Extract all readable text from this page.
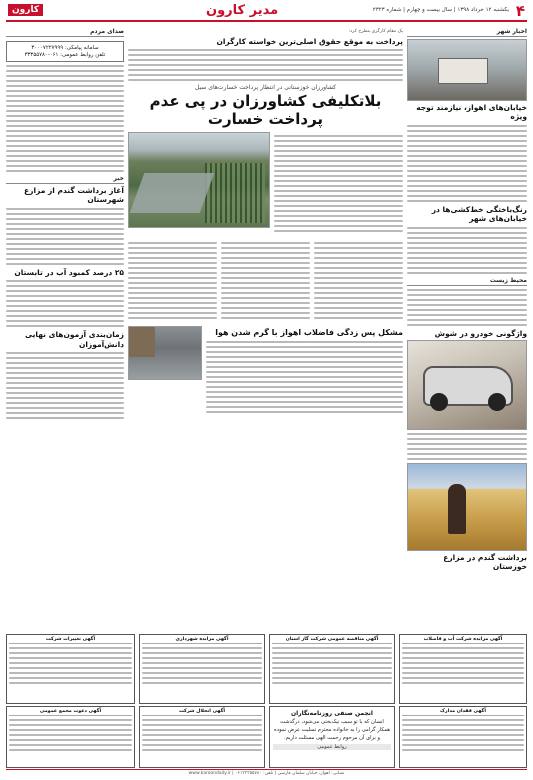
۴
یکشنبه ۱۲ خرداد ۱۳۹۸ | سال بیست و چهارم | شماره ۲۳۲۳
مدیر کارون
کارون
اخبار شهر
خیابان‌های اهواز، نیازمند توجه ویژه
رنگ‌باختگی خط‌کشی‌ها در خیابان‌های شهر
محیط زیست
واژگونی خودرو در شوش
برداشت گندم در مزارع خوزستان
یک مقام کارگری مطرح کرد:
پرداخت به موقع حقوق اصلی‌ترین خواسته کارگران
کشاورزان خوزستانی در انتظار پرداخت خسارت‌های سیل
بلاتکلیفی کشاورزان در پی عدم پرداخت خسارت
مشکل پس زدگی فاضلاب اهواز با گرم شدن هوا
صدای مردم
سامانه پیامکی: ۳۰۰۰۷۲۲۷۹۹۹
تلفن روابط عمومی: ۰۶۱-۳۳۳۵۵۷۸۰
خبر
آغاز برداشت گندم از مزارع شهرستان
۲۵ درصد کمبود آب در تابستان
زمان‌بندی آزمون‌های نهایی دانش‌آموزان
آگهی مزایده شرکت آب و فاضلاب
آگهی مناقصه عمومی شرکت گاز استان
آگهی مزایده شهرداری
آگهی تغییرات شرکت
آگهی فقدان مدارک
انجمن صنفی روزنامه‌نگاران
انسان که با تو سبب نیک‌بختی می‌شود، درگذشت همکار گرامی را به خانواده محترم تسلیت عرض نموده و برای آن مرحوم رحمت الهی مسئلت داریم.
روابط عمومی
آگهی انحلال شرکت
آگهی دعوت مجمع عمومی
نشانی: اهواز، خیابان سلمان فارسی | تلفن: ۰۶۱۳۳۳۵۵۷۸۰ | www.karoondaily.ir
